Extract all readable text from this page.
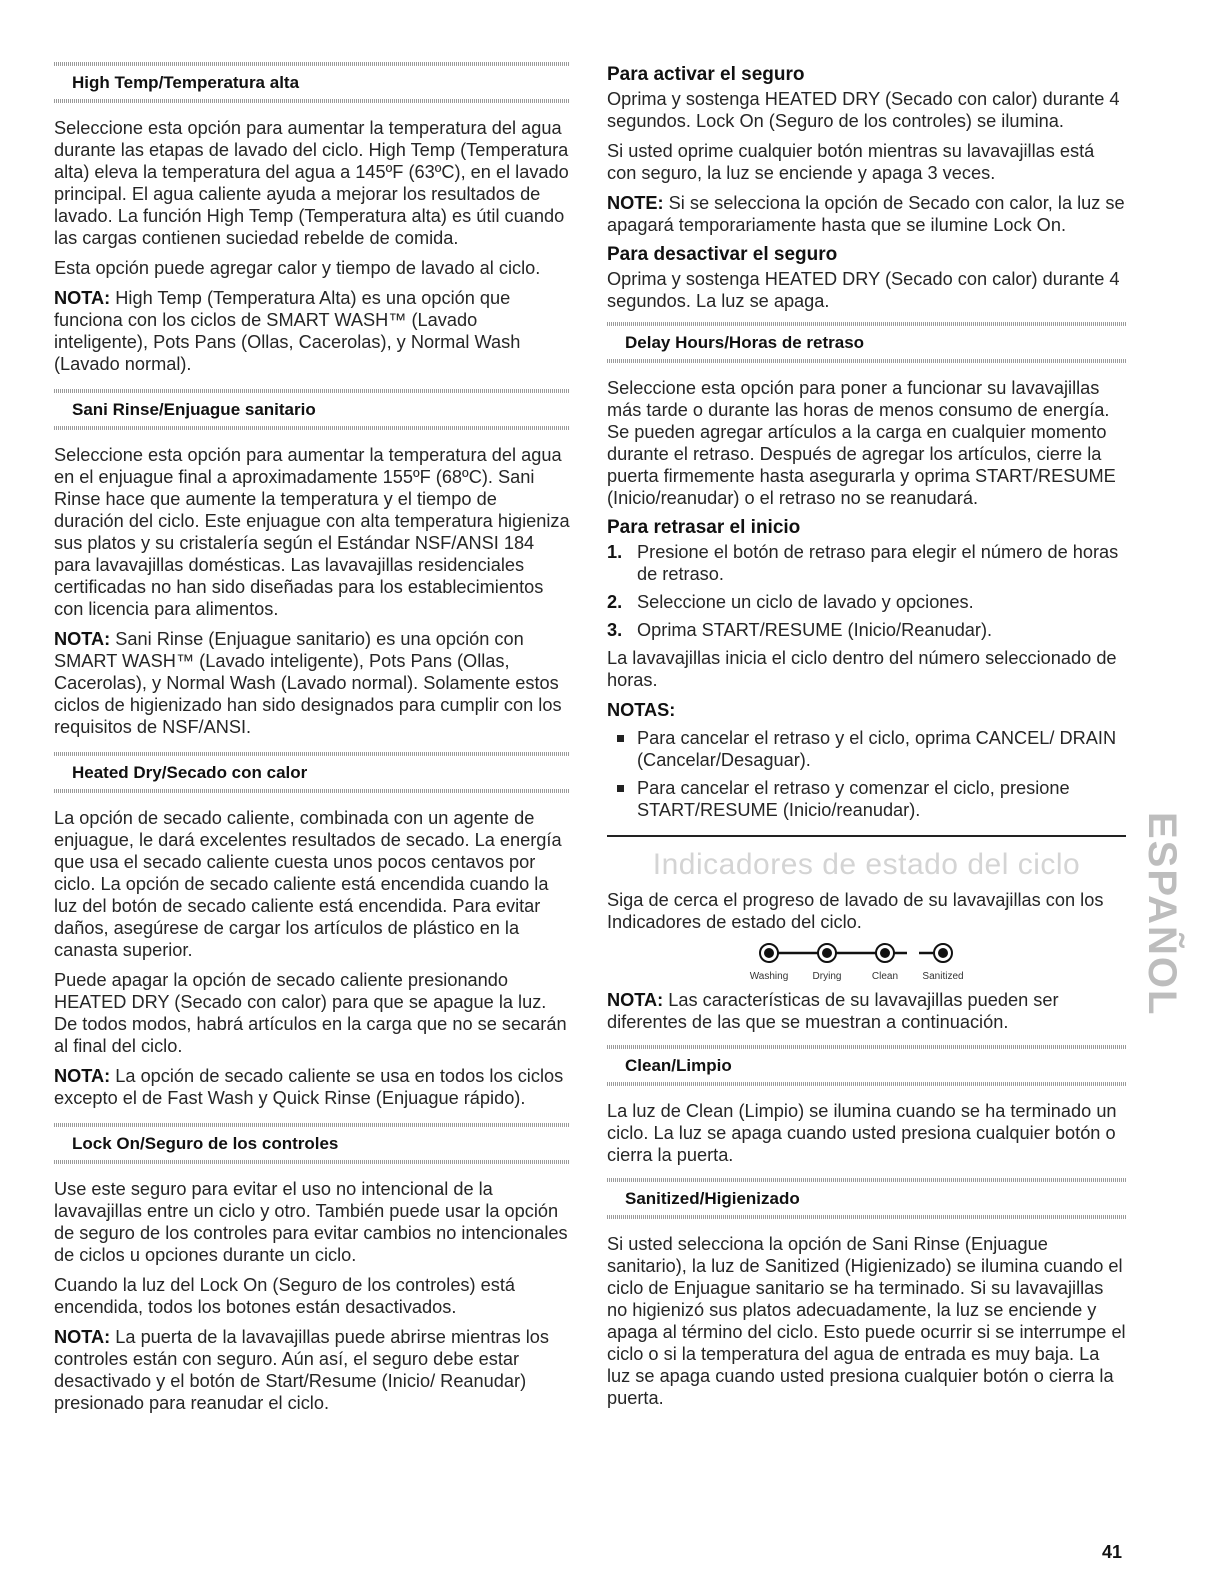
High Temp/Temperatura alta

Seleccione esta opción para aumentar la temperatura del agua durante las etapas de lavado del ciclo. High Temp (Temperatura alta) eleva la temperatura del agua a 145ºF (63ºC), en el lavado principal. El agua caliente ayuda a mejorar los resultados de lavado. La función High Temp (Temperatura alta) es útil cuando las cargas contienen suciedad rebelde de comida.

Esta opción puede agregar calor y tiempo de lavado al ciclo.

NOTA: High Temp (Temperatura Alta) es una opción que funciona con los ciclos de SMART WASH™ (Lavado inteligente), Pots Pans (Ollas, Cacerolas), y Normal Wash (Lavado normal).

Sani Rinse/Enjuague sanitario

Seleccione esta opción para aumentar la temperatura del agua en el enjuague final a aproximadamente 155ºF (68ºC). Sani Rinse hace que aumente la temperatura y el tiempo de duración del ciclo. Este enjuague con alta temperatura higieniza sus platos y su cristalería según el Estándar NSF/ANSI 184 para lavavajillas domésticas. Las lavavajillas residenciales certificadas no han sido diseñadas para los establecimientos con licencia para alimentos.

NOTA: Sani Rinse (Enjuague sanitario) es una opción con SMART WASH™ (Lavado inteligente), Pots Pans (Ollas, Cacerolas), y Normal Wash (Lavado normal). Solamente estos ciclos de higienizado han sido designados para cumplir con los requisitos de NSF/ANSI.

Heated Dry/Secado con calor

La opción de secado caliente, combinada con un agente de enjuague, le dará excelentes resultados de secado. La energía que usa el secado caliente cuesta unos pocos centavos por ciclo. La opción de secado caliente está encendida cuando la luz del botón de secado caliente está encendida. Para evitar daños, asegúrese de cargar los artículos de plástico en la canasta superior.

Puede apagar la opción de secado caliente presionando HEATED DRY (Secado con calor) para que se apague la luz. De todos modos, habrá artículos en la carga que no se secarán al final del ciclo.

NOTA: La opción de secado caliente se usa en todos los ciclos excepto el de Fast Wash y Quick Rinse (Enjuague rápido).

Lock On/Seguro de los controles

Use este seguro para evitar el uso no intencional de la lavavajillas entre un ciclo y otro. También puede usar la opción de seguro de los controles para evitar cambios no intencionales de ciclos u opciones durante un ciclo.

Cuando la luz del Lock On (Seguro de los controles) está encendida, todos los botones están desactivados.

NOTA: La puerta de la lavavajillas puede abrirse mientras los controles están con seguro. Aún así, el seguro debe estar desactivado y el botón de Start/Resume (Inicio/ Reanudar) presionado para reanudar el ciclo.

Para activar el seguro

Oprima y sostenga HEATED DRY (Secado con calor) durante 4 segundos. Lock On (Seguro de los controles) se ilumina.

Si usted oprime cualquier botón mientras su lavavajillas está con seguro, la luz se enciende y apaga 3 veces.

NOTE: Si se selecciona la opción de Secado con calor, la luz se apagará temporariamente hasta que se ilumine Lock On.

Para desactivar el seguro

Oprima y sostenga HEATED DRY (Secado con calor) durante 4 segundos. La luz se apaga.

Delay Hours/Horas de retraso

Seleccione esta opción para poner a funcionar su lavavajillas más tarde o durante las horas de menos consumo de energía. Se pueden agregar artículos a la carga en cualquier momento durante el retraso. Después de agregar los artículos, cierre la puerta firmemente hasta asegurarla y oprima START/RESUME (Inicio/reanudar) o el retraso no se reanudará.

Para retrasar el inicio
1. Presione el botón de retraso para elegir el número de horas de retraso.
2. Seleccione un ciclo de lavado y opciones.
3. Oprima START/RESUME (Inicio/Reanudar).

La lavavajillas inicia el ciclo dentro del número seleccionado de horas.

NOTAS:

Para cancelar el retraso y el ciclo, oprima CANCEL/ DRAIN (Cancelar/Desaguar).
Para cancelar el retraso y comenzar el ciclo, presione START/RESUME (Inicio/reanudar).
Indicadores de estado del ciclo

Siga de cerca el progreso de lavado de su lavavajillas con los Indicadores de estado del ciclo.

Washing Drying	Clean Sanitized

NOTA: Las características de su lavavajillas pueden ser diferentes de las que se muestran a continuación.

Clean/Limpio

La luz de Clean (Limpio) se ilumina cuando se ha terminado un ciclo. La luz se apaga cuando usted presiona cualquier botón o cierra la puerta.

Sanitized/Higienizado

Si usted selecciona la opción de Sani Rinse (Enjuague sanitario), la luz de Sanitized (Higienizado) se ilumina cuando el ciclo de Enjuague sanitario se ha terminado. Si su lavavajillas no higienizó sus platos adecuadamente, la luz se enciende y apaga al término del ciclo. Esto puede ocurrir si se interrumpe el ciclo o si la temperatura del agua de entrada es muy baja. La luz se apaga cuando usted presiona cualquier botón o cierra la puerta.

ESPAÑOL
41
